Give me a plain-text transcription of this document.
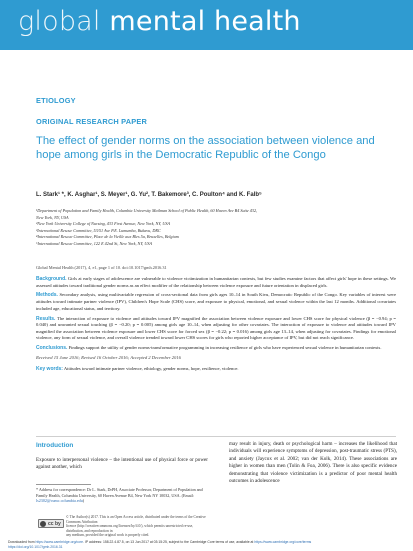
global mental health
ETIOLOGY
ORIGINAL RESEARCH PAPER
The effect of gender norms on the association between violence and hope among girls in the Democratic Republic of the Congo
L. Stark¹ *, K. Asghar¹, S. Meyer¹, G. Yu², T. Bakemore³, C. Poulton⁴ and K. Falb⁵
¹Department of Population and Family Health, Columbia University Mailman School of Public Health, 60 Haven Ave B4 Suite 432,
New York, NY, USA
²New York University College of Nursing, 433 First Avenue, New York, NY, USA
³International Rescue Committee, 53/51 Ave P.E. Lumumba, Bukavu, DRC
⁴International Rescue Committee, Place de la Vieille aux Bles 5a, Bruxelles, Belgium
⁵International Rescue Committee, 122 E 42nd St, New York, NY, USA
Global Mental Health (2017), 4, e1, page 1 of 10. doi:10.1017/gmh.2016.31

Background. Girls at early stages of adolescence are vulnerable to violence victimization in humanitarian contexts, but few studies examine factors that affect girls' hope in these settings. We assessed attitudes toward traditional gender norms as an effect modifier of the relationship between violence exposure and future orientation in displaced girls.

Methods. Secondary analysis, using multivariable regression of cross-sectional data from girls ages 10–14 in South Kivu, Democratic Republic of the Congo. Key variables of interest were attitudes toward intimate partner violence (IPV), Children's Hope Scale (CHS) score, and exposure to physical, emotional, and sexual violence within the last 12 months. Additional covariates included age, educational status, and territory.

Results. The interaction of exposure to violence and attitudes toward IPV magnified the association between violence exposure and lower CHS score for physical violence (β = −0.94; p = 0.040) and unwanted sexual touching (β = −0.20; p = 0.005) among girls age 10–14, when adjusting for other covariates. The interaction of exposure to violence and attitudes toward IPV magnified the association between violence exposure and lower CHS score for forced sex (β = −0.22; p = 0.016) among girls age 13–14, when adjusting for covariates. Findings for emotional violence, any form of sexual violence, and overall violence trended toward lower CHS scores for girls who reported higher acceptance of IPV, but did not reach significance.

Conclusions. Findings support the utility of gender norms-transformative programming in increasing resilience of girls who have experienced sexual violence in humanitarian contexts.

Received 15 June 2016; Revised 16 October 2016; Accepted 2 December 2016

Key words: Attitudes toward intimate partner violence, ethiology, gender norms, hope, resilience, violence.

Introduction
Exposure to interpersonal violence – the intentional use of physical force or power against another, which
may result in injury, death or psychological harm – increases the likelihood that individuals will experience symptoms of depression, post-traumatic stress (PTS), and anxiety (Jaycox et al. 2002; van der Kolk, 2014). These associations are higher in women than men (Tolin & Foa, 2006). There is also specific evidence demonstrating that violence victimization is a predictor of poor mental health outcomes in adolescence
* Address for correspondence: Dr L. Stark, DrPH, Associate Professor, Department of Population and Family Health, Columbia University, 60 Haven Avenue B4, New York NY 10032, USA. (Email: ls2302@cumc.columbia.edu)
cc by
© The Author(s) 2017. This is an Open Access article, distributed under the terms of the Creative Commons Attribution
licence (http://creativecommons.org/licenses/by/4.0/), which permits unrestricted re-use, distribution, and reproduction in
any medium, provided the original work is properly cited.
Downloaded from https://www.cambridge.org/core. IP address: 158.22.4.87.5, on 13 Jun 2017 at 03:15:25, subject to the Cambridge Core terms of use, available at https://www.cambridge.org/core/terms
https://doi.org/10.1017/gmh.2016.31
